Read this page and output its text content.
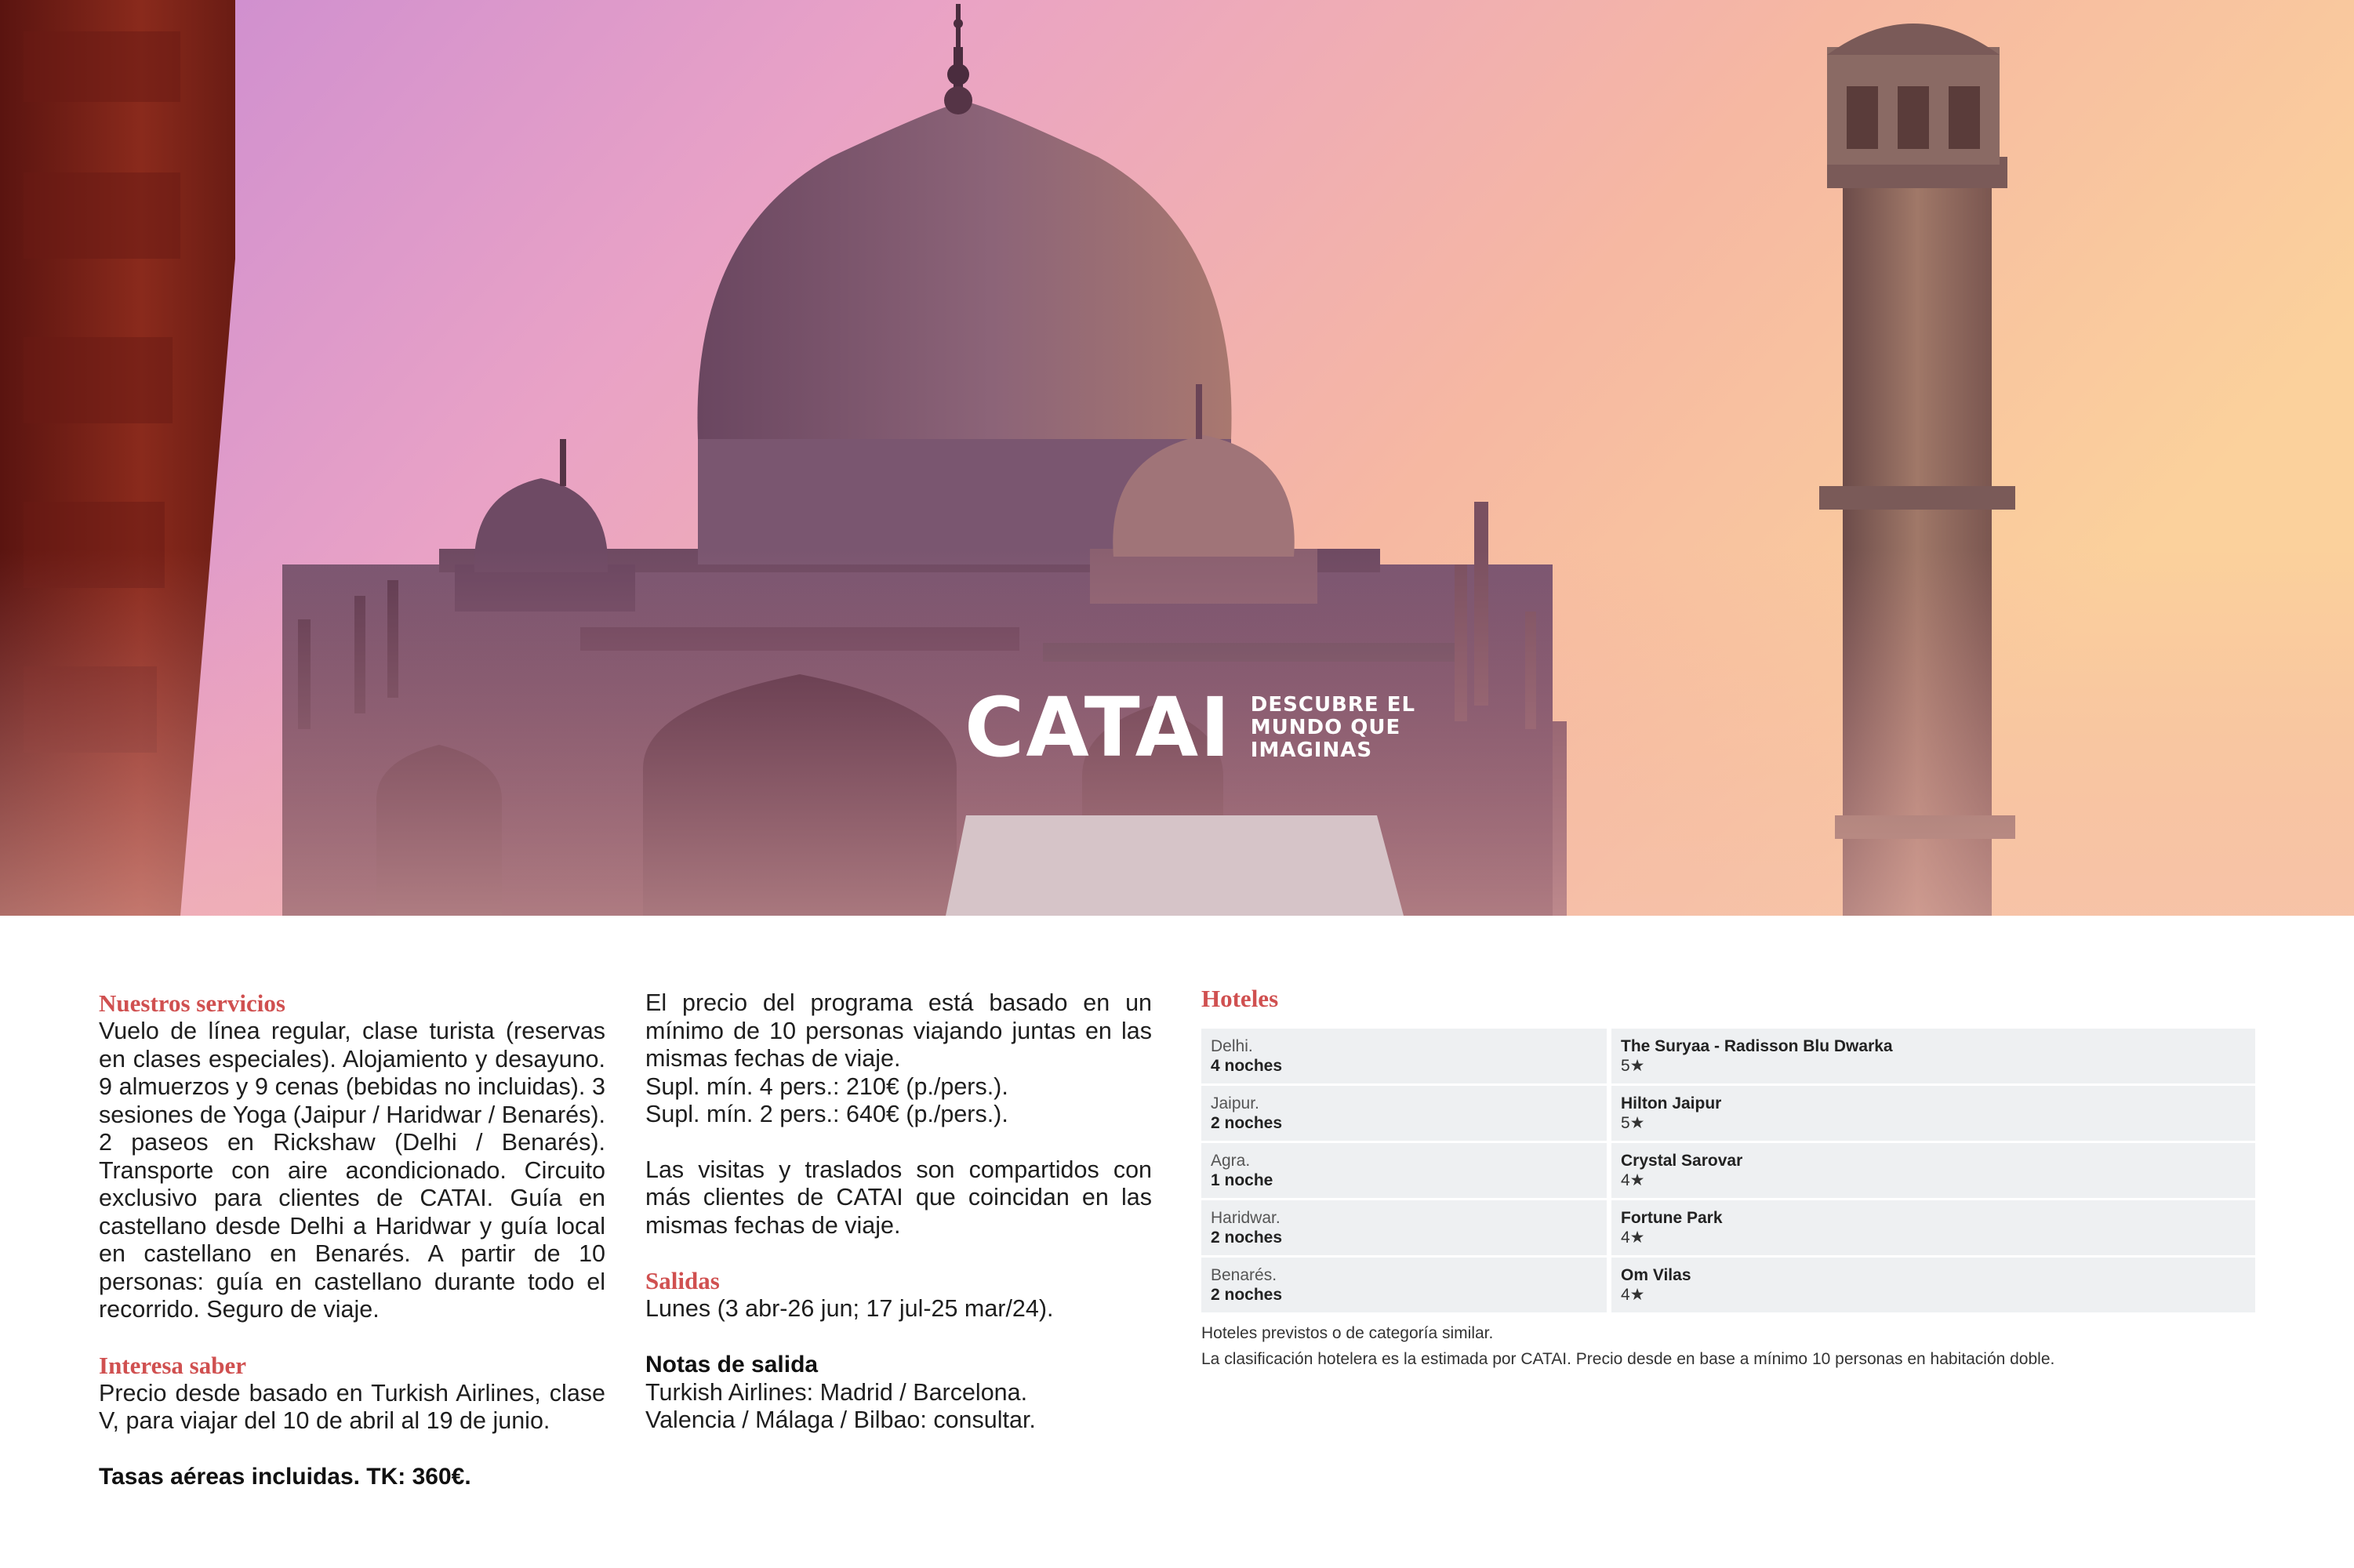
CATAI DESCUBRE EL
MUNDO QUE
IMAGINAS
Nuestros servicios

Vuelo de línea regular, clase turista (reservas en clases especiales). Alojamiento y desayuno. 9 almuerzos y 9 cenas (bebidas no incluidas). 3 sesiones de Yoga (Jaipur / Haridwar / Benarés). 2 paseos en Rickshaw (Delhi / Benarés). Transporte con aire acondicionado. Circuito exclusivo para clientes de CATAI. Guía en castellano desde Delhi a Haridwar y guía local en castellano en Benarés. A partir de 10 personas: guía en castellano durante todo el recorrido. Seguro de viaje.

Interesa saber

Precio desde basado en Turkish Airlines, clase V, para viajar del 10 de abril al 19 de junio.

Tasas aéreas incluidas. TK: 360€.

El precio del programa está basado en un mínimo de 10 personas viajando juntas en las mismas fechas de viaje.

Supl. mín. 4 pers.: 210€ (p./pers.).

Supl. mín. 2 pers.: 640€ (p./pers.).

Las visitas y traslados son compartidos con más clientes de CATAI que coincidan en las mismas fechas de viaje.

Salidas

Lunes (3 abr-26 jun; 17 jul-25 mar/24).

Notas de salida

Turkish Airlines: Madrid / Barcelona.

Valencia / Málaga / Bilbao: consultar.

Hoteles
Delhi.
4 noches
The Suryaa - Radisson Blu Dwarka
5★
Jaipur.
2 noches
Hilton Jaipur
5★
Agra.
1 noche
Crystal Sarovar
4★
Haridwar.
2 noches
Fortune Park
4★
Benarés.
2 noches
Om Vilas
4★

Hoteles previstos o de categoría similar.

La clasificación hotelera es la estimada por CATAI. Precio desde en base a mínimo 10 personas en habitación doble.
